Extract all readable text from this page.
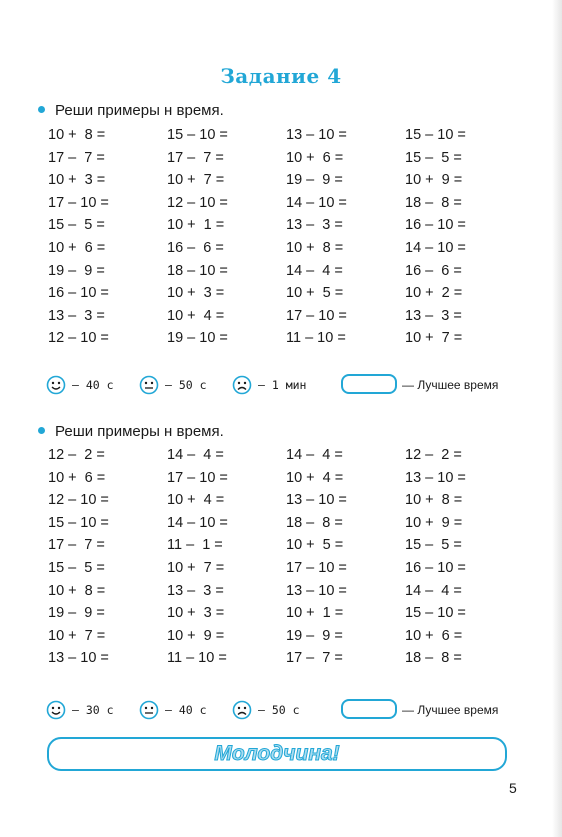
Задание 4
Реши примеры н время.
10 +  8 =	15 – 10 =	13 – 10 =	15 – 10 =
17 –  7 =	17 –  7 =	10 +  6 =	15 –  5 =
10 +  3 =	10 +  7 =	19 –  9 =	10 +  9 =
17 – 10 =	12 – 10 =	14 – 10 =	18 –  8 =
15 –  5 =	10 +  1 =	13 –  3 =	16 – 10 =
10 +  6 =	16 –  6 =	10 +  8 =	14 – 10 =
19 –  9 =	18 – 10 =	14 –  4 =	16 –  6 =
16 – 10 =	10 +  3 =	10 +  5 =	10 +  2 =
13 –  3 =	10 +  4 =	17 – 10 =	13 –  3 =
12 – 10 =	19 – 10 =	11 – 10 =	10 +  7 =
— 40 с	— 50 с	— 1 мин	— Лучшее время
Реши примеры н время.
12 –  2 =	14 –  4 =	14 –  4 =	12 –  2 =
10 +  6 =	17 – 10 =	10 +  4 =	13 – 10 =
12 – 10 =	10 +  4 =	13 – 10 =	10 +  8 =
15 – 10 =	14 – 10 =	18 –  8 =	10 +  9 =
17 –  7 =	11 –  1 =	10 +  5 =	15 –  5 =
15 –  5 =	10 +  7 =	17 – 10 =	16 – 10 =
10 +  8 =	13 –  3 =	13 – 10 =	14 –  4 =
19 –  9 =	10 +  3 =	10 +  1 =	15 – 10 =
10 +  7 =	10 +  9 =	19 –  9 =	10 +  6 =
13 – 10 =	11 – 10 =	17 –  7 =	18 –  8 =
— 30 с	— 40 с	— 50 с	— Лучшее время
Молодчина!
5
